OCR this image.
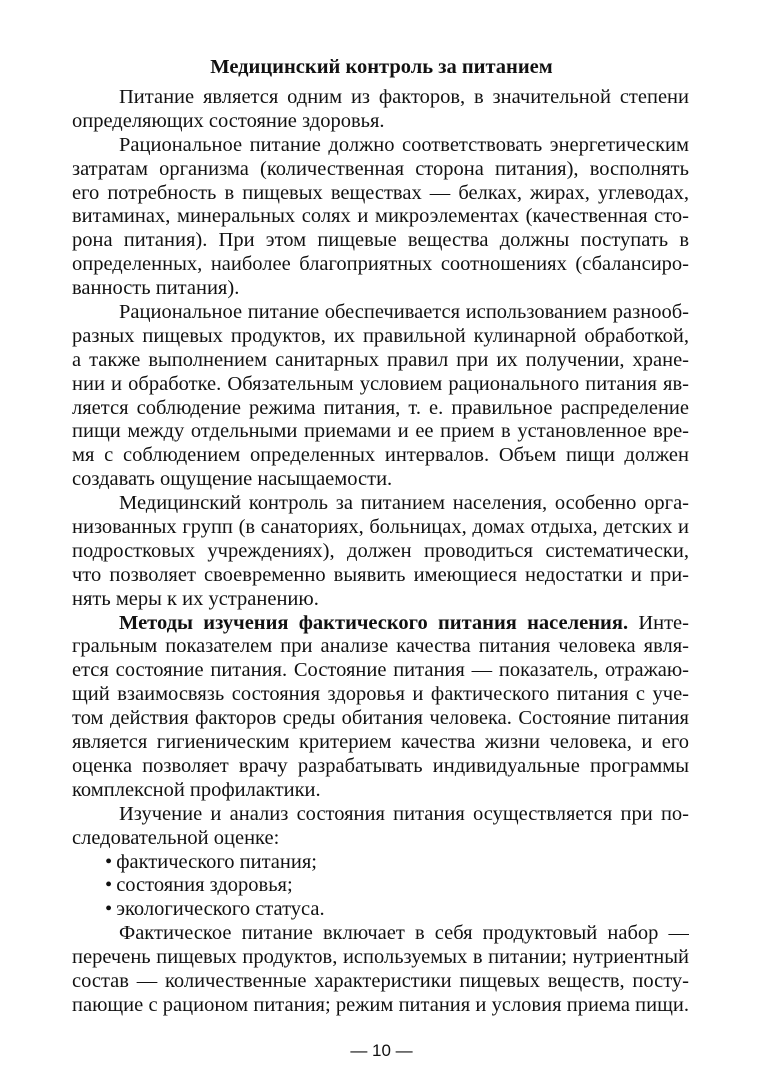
Медицинский контроль за питанием
Питание является одним из факторов, в значительной степени
определяющих состояние здоровья.
Рациональное питание должно соответствовать энергетическим
затратам организма (количественная сторона питания), восполнять
его потребность в пищевых веществах — белках, жирах, углеводах,
витаминах, минеральных солях и микроэлементах (качественная сто-
рона питания). При этом пищевые вещества должны поступать в
определенных, наиболее благоприятных соотношениях (сбалансиро-
ванность питания).
Рациональное питание обеспечивается использованием разнооб-
разных пищевых продуктов, их правильной кулинарной обработкой,
а также выполнением санитарных правил при их получении, хране-
нии и обработке. Обязательным условием рационального питания яв-
ляется соблюдение режима питания, т. е. правильное распределение
пищи между отдельными приемами и ее прием в установленное вре-
мя с соблюдением определенных интервалов. Объем пищи должен
создавать ощущение насыщаемости.
Медицинский контроль за питанием населения, особенно орга-
низованных групп (в санаториях, больницах, домах отдыха, детских и
подростковых учреждениях), должен проводиться систематически,
что позволяет своевременно выявить имеющиеся недостатки и при-
нять меры к их устранению.
Методы изучения фактического питания населения. Инте-
гральным показателем при анализе качества питания человека явля-
ется состояние питания. Состояние питания — показатель, отражаю-
щий взаимосвязь состояния здоровья и фактического питания с уче-
том действия факторов среды обитания человека. Состояние питания
является гигиеническим критерием качества жизни человека, и его
оценка позволяет врачу разрабатывать индивидуальные программы
комплексной профилактики.
Изучение и анализ состояния питания осуществляется при по-
следовательной оценке:
• фактического питания;
• состояния здоровья;
• экологического статуса.
Фактическое питание включает в себя продуктовый набор —
перечень пищевых продуктов, используемых в питании; нутриентный
состав — количественные характеристики пищевых веществ, посту-
пающие с рационом питания; режим питания и условия приема пищи.
— 10 —
